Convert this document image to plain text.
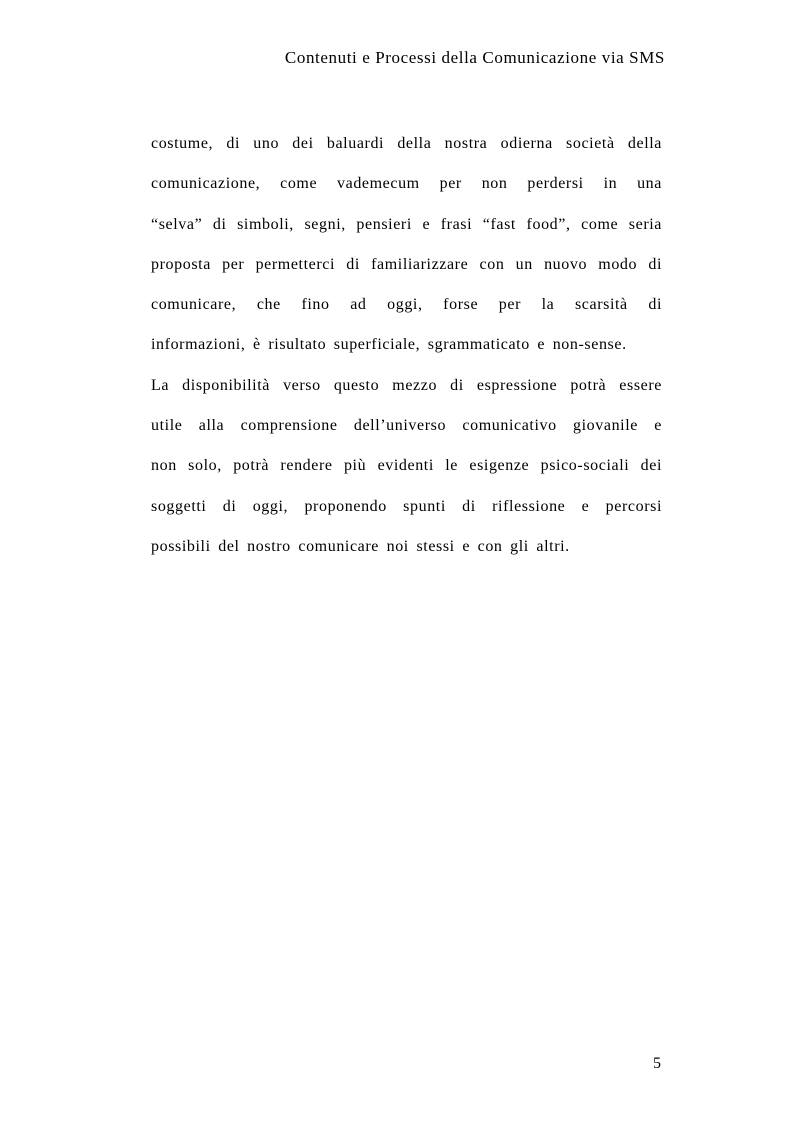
Contenuti e Processi della Comunicazione via SMS
costume, di uno dei baluardi della nostra odierna società della
comunicazione, come vademecum per non perdersi in una
“selva” di simboli, segni, pensieri e frasi “fast food”, come seria
proposta per permetterci di familiarizzare con un nuovo modo di
comunicare, che fino ad oggi, forse per la scarsità di
informazioni, è risultato superficiale, sgrammaticato e non-sense.
La disponibilità verso questo mezzo di espressione potrà essere
utile alla comprensione dell’universo comunicativo giovanile e
non solo, potrà rendere più evidenti le esigenze psico-sociali dei
soggetti di oggi, proponendo spunti di riflessione e percorsi
possibili del nostro comunicare noi stessi e con gli altri.
5
